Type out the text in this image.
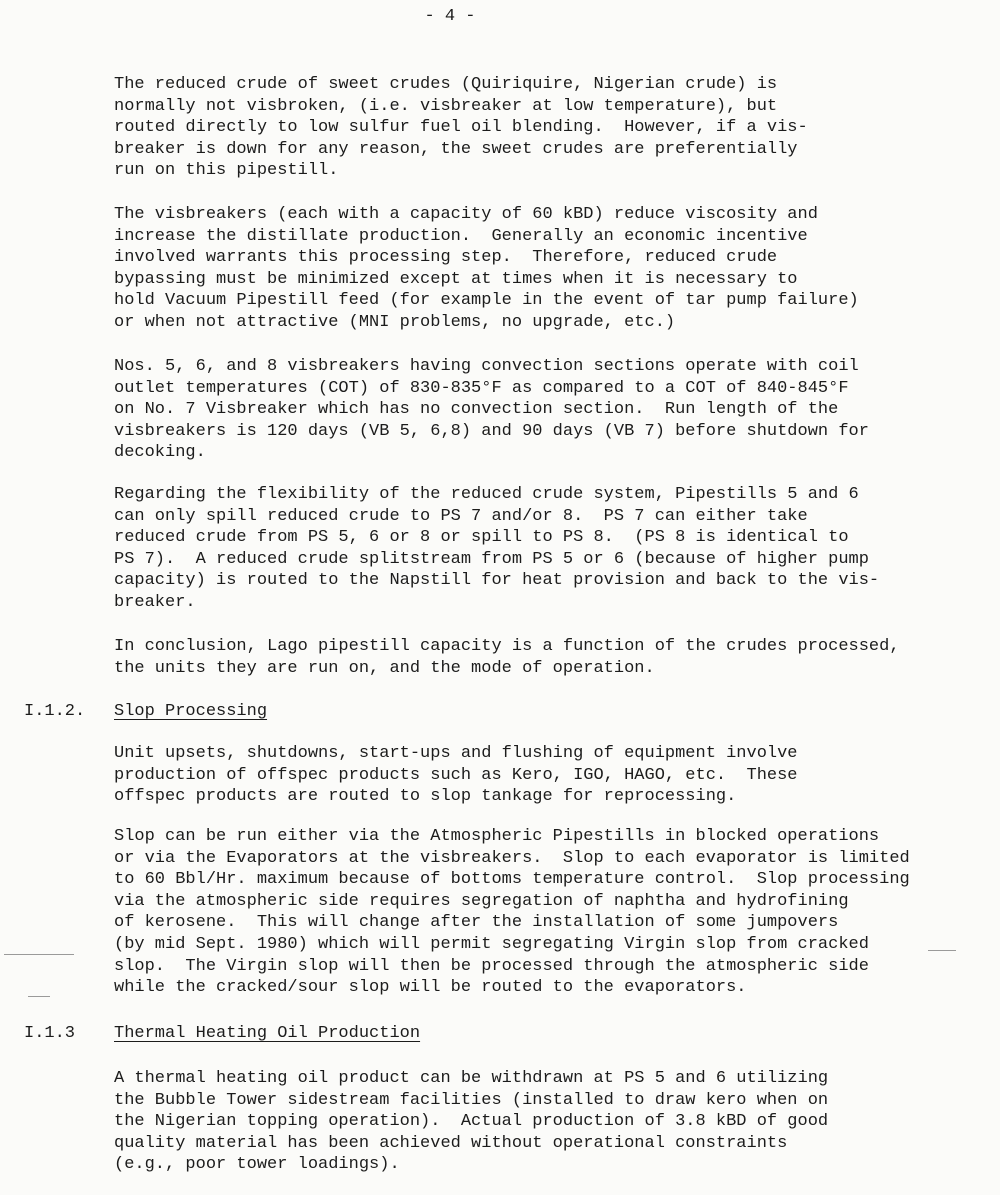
- 4 -

The reduced crude of sweet crudes (Quiriquire, Nigerian crude) is
normally not visbroken, (i.e. visbreaker at low temperature), but
routed directly to low sulfur fuel oil blending.  However, if a vis-
breaker is down for any reason, the sweet crudes are preferentially
run on this pipestill.

The visbreakers (each with a capacity of 60 kBD) reduce viscosity and
increase the distillate production.  Generally an economic incentive
involved warrants this processing step.  Therefore, reduced crude
bypassing must be minimized except at times when it is necessary to
hold Vacuum Pipestill feed (for example in the event of tar pump failure)
or when not attractive (MNI problems, no upgrade, etc.)

Nos. 5, 6, and 8 visbreakers having convection sections operate with coil
outlet temperatures (COT) of 830-835°F as compared to a COT of 840-845°F
on No. 7 Visbreaker which has no convection section.  Run length of the
visbreakers is 120 days (VB 5, 6,8) and 90 days (VB 7) before shutdown for
decoking.

Regarding the flexibility of the reduced crude system, Pipestills 5 and 6
can only spill reduced crude to PS 7 and/or 8.  PS 7 can either take
reduced crude from PS 5, 6 or 8 or spill to PS 8.  (PS 8 is identical to
PS 7).  A reduced crude splitstream from PS 5 or 6 (because of higher pump
capacity) is routed to the Napstill for heat provision and back to the vis-
breaker.

In conclusion, Lago pipestill capacity is a function of the crudes processed,
the units they are run on, and the mode of operation.

I.1.2. Slop Processing

Unit upsets, shutdowns, start-ups and flushing of equipment involve
production of offspec products such as Kero, IGO, HAGO, etc.  These
offspec products are routed to slop tankage for reprocessing.

Slop can be run either via the Atmospheric Pipestills in blocked operations
or via the Evaporators at the visbreakers.  Slop to each evaporator is limited
to 60 Bbl/Hr. maximum because of bottoms temperature control.  Slop processing
via the atmospheric side requires segregation of naphtha and hydrofining
of kerosene.  This will change after the installation of some jumpovers
(by mid Sept. 1980) which will permit segregating Virgin slop from cracked
slop.  The Virgin slop will then be processed through the atmospheric side
while the cracked/sour slop will be routed to the evaporators.

I.1.3 Thermal Heating Oil Production

A thermal heating oil product can be withdrawn at PS 5 and 6 utilizing
the Bubble Tower sidestream facilities (installed to draw kero when on
the Nigerian topping operation).  Actual production of 3.8 kBD of good
quality material has been achieved without operational constraints
(e.g., poor tower loadings).
